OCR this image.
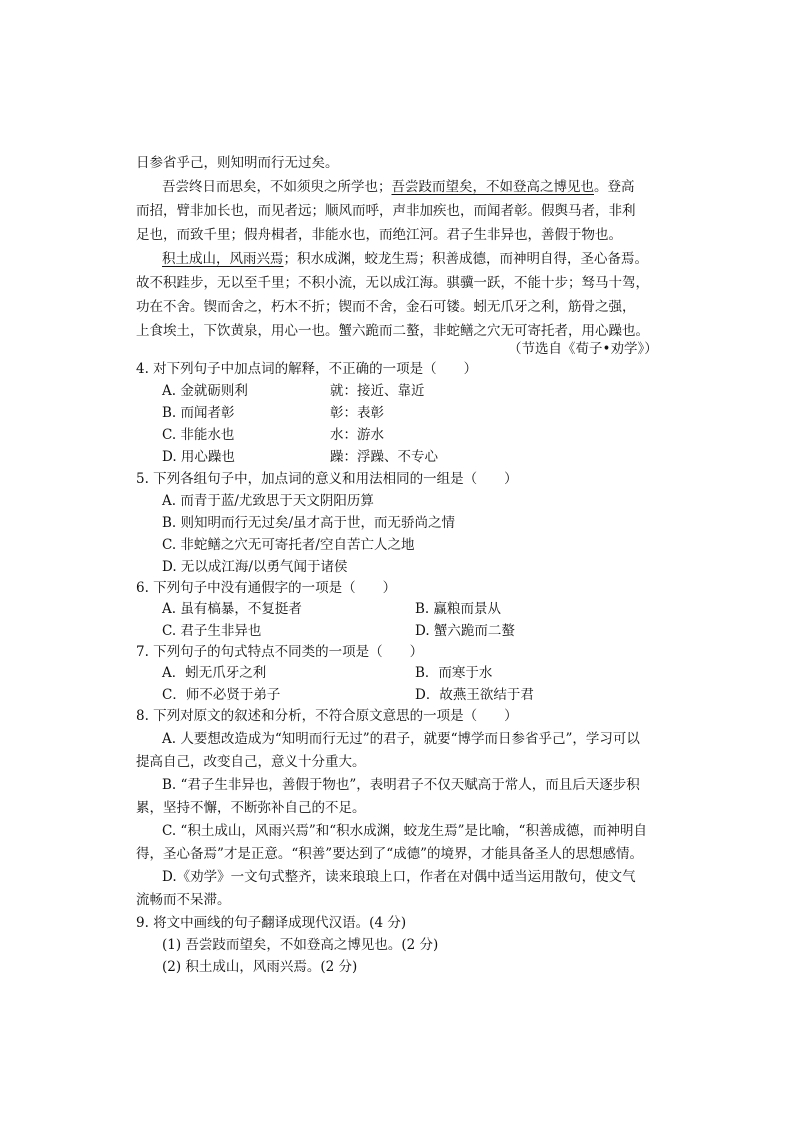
日参省乎己，则知明而行无过矣。
吾尝终日而思矣，不如须臾之所学也；吾尝跂而望矣，不如登高之博见也。登高
而招，臂非加长也，而见者远；顺风而呼，声非加疾也，而闻者彰。假舆马者，非利
足也，而致千里；假舟楫者，非能水也，而绝江河。君子生非异也，善假于物也。
积土成山，风雨兴焉；积水成渊，蛟龙生焉；积善成德，而神明自得，圣心备焉。
故不积跬步，无以至千里；不积小流，无以成江海。骐骥一跃，不能十步；驽马十驾，
功在不舍。锲而舍之，朽木不折；锲而不舍，金石可镂。蚓无爪牙之利，筋骨之强，
上食埃土，下饮黄泉，用心一也。蟹六跪而二螯，非蛇鳝之穴无可寄托者，用心躁也。
（节选自《荀子•劝学》）
4. 对下列句子中加点词的解释，不正确的一项是（　　）
A. 金就砺则利	就：接近、靠近
B. 而闻者彰	彰：表彰
C. 非能水也	水：游水
D. 用心躁也	躁：浮躁、不专心
5. 下列各组句子中，加点词的意义和用法相同的一组是（　　）
A. 而青于蓝/尤致思于天文阴阳历算
B. 则知明而行无过矣/虽才高于世，而无骄尚之情
C. 非蛇鳝之穴无可寄托者/空自苦亡人之地
D. 无以成江海/以勇气闻于诸侯
6. 下列句子中没有通假字的一项是（　　）
A. 虽有槁暴，不复挺者	B. 赢粮而景从
C. 君子生非异也	D. 蟹六跪而二螯
7. 下列句子的句式特点不同类的一项是（　　）
A．蚓无爪牙之利	B．而寒于水
C．师不必贤于弟子	D．故燕王欲结于君
8. 下列对原文的叙述和分析，不符合原文意思的一项是（　　）
A. 人要想改造成为“知明而行无过”的君子，就要“博学而日参省乎己”，学习可以
提高自己，改变自己，意义十分重大。
B. “君子生非异也，善假于物也”，表明君子不仅天赋高于常人，而且后天逐步积
累，坚持不懈，不断弥补自己的不足。
C. “积土成山，风雨兴焉”和“积水成渊，蛟龙生焉”是比喻，“积善成德，而神明自
得，圣心备焉”才是正意。“积善”要达到了“成德”的境界，才能具备圣人的思想感情。
D.《劝学》一文句式整齐，读来琅琅上口，作者在对偶中适当运用散句，使文气
流畅而不呆滞。
9. 将文中画线的句子翻译成现代汉语。(4 分)
(1) 吾尝跂而望矣，不如登高之博见也。(2 分)
(2) 积土成山，风雨兴焉。(2 分)
